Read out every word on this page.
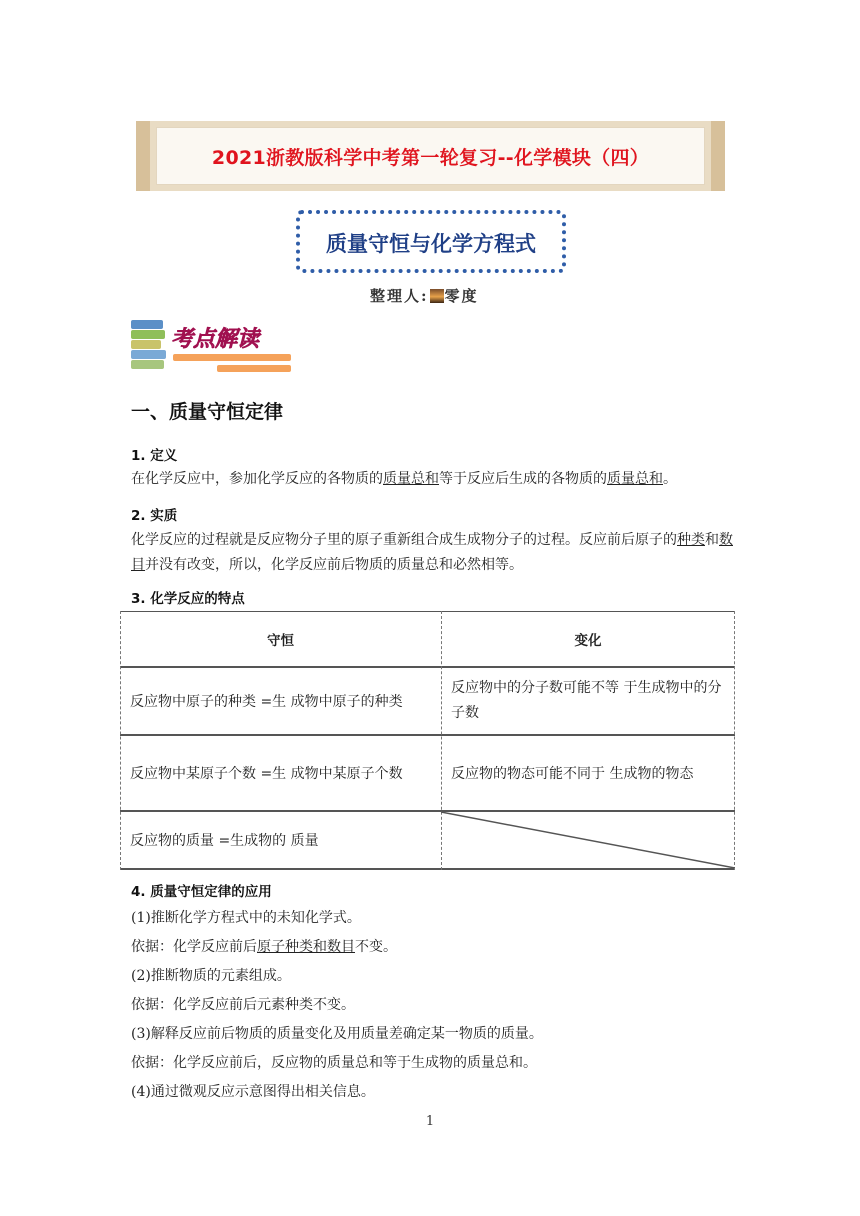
2021浙教版科学中考第一轮复习--化学模块（四）
质量守恒与化学方程式
整理人: 零度
考点解读
一、质量守恒定律
1. 定义
在化学反应中，参加化学反应的各物质的质量总和等于反应后生成的各物质的质量总和。
2. 实质
化学反应的过程就是反应物分子里的原子重新组合成生成物分子的过程。反应前后原子的种类和数目并没有改变，所以，化学反应前后物质的质量总和必然相等。
3. 化学反应的特点
守恒	变化
反应物中原子的种类 =生 成物中原子的种类
反应物中的分子数可能不等 于生成物中的分子数
反应物中某原子个数 =生 成物中某原子个数	反应物的物态可能不同于 生成物的物态
反应物的质量 =生成物的 质量
4. 质量守恒定律的应用
(1)推断化学方程式中的未知化学式。
依据：化学反应前后原子种类和数目不变。
(2)推断物质的元素组成。
依据：化学反应前后元素种类不变。
(3)解释反应前后物质的质量变化及用质量差确定某一物质的质量。
依据：化学反应前后，反应物的质量总和等于生成物的质量总和。
(4)通过微观反应示意图得出相关信息。
1
